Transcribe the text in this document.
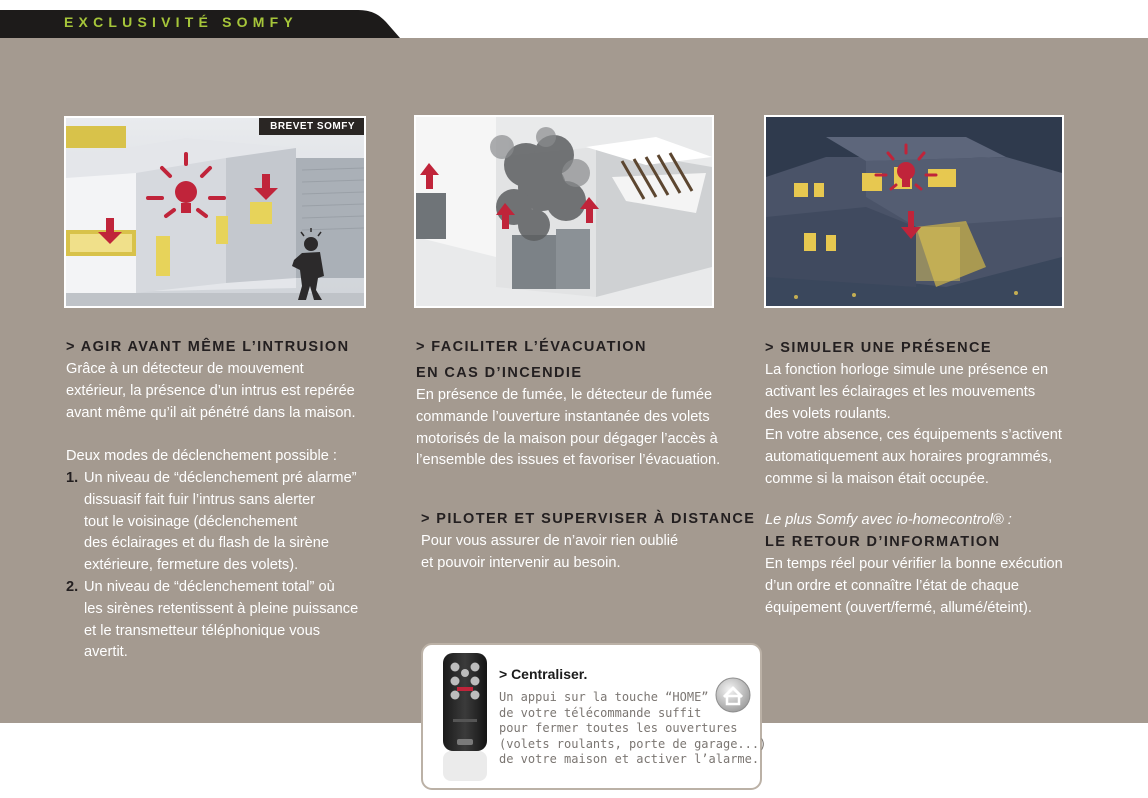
EXCLUSIVITÉ SOMFY
BREVET SOMFY
> AGIR AVANT MÊME L’INTRUSION
Grâce à un détecteur de mouvement
extérieur, la présence d’un intrus est repérée
avant même qu’il ait pénétré dans la maison.
Deux modes de déclenchement possible :
1. Un niveau de “déclenchement pré alarme”
dissuasif fait fuir l’intrus sans alerter
tout le voisinage (déclenchement
des éclairages et du flash de la sirène
extérieure, fermeture des volets).
2. Un niveau de “déclenchement total” où
les sirènes retentissent à pleine puissance
et le transmetteur téléphonique vous
avertit.
> FACILITER L’ÉVACUATION
EN CAS D’INCENDIE
En présence de fumée, le détecteur de fumée
commande l’ouverture instantanée des volets
motorisés de la maison pour dégager l’accès à
l’ensemble des issues et favoriser l’évacuation.
> PILOTER ET SUPERVISER À DISTANCE
Pour vous assurer de n’avoir rien oublié
et pouvoir intervenir au besoin.
> SIMULER UNE PRÉSENCE
La fonction horloge simule une présence en
activant les éclairages et les mouvements
des volets roulants.
En votre absence, ces équipements s’activent
automatiquement aux horaires programmés,
comme si la maison était occupée.
Le plus Somfy avec io-homecontrol® :
LE RETOUR D’INFORMATION
En temps réel pour vérifier la bonne exécution
d’un ordre et connaître l’état de chaque
équipement (ouvert/fermé, allumé/éteint).
> Centraliser.
Un appui sur la touche “HOME”
de votre télécommande suffit
pour fermer toutes les ouvertures
(volets roulants, porte de garage...)
de votre maison et activer l’alarme.
